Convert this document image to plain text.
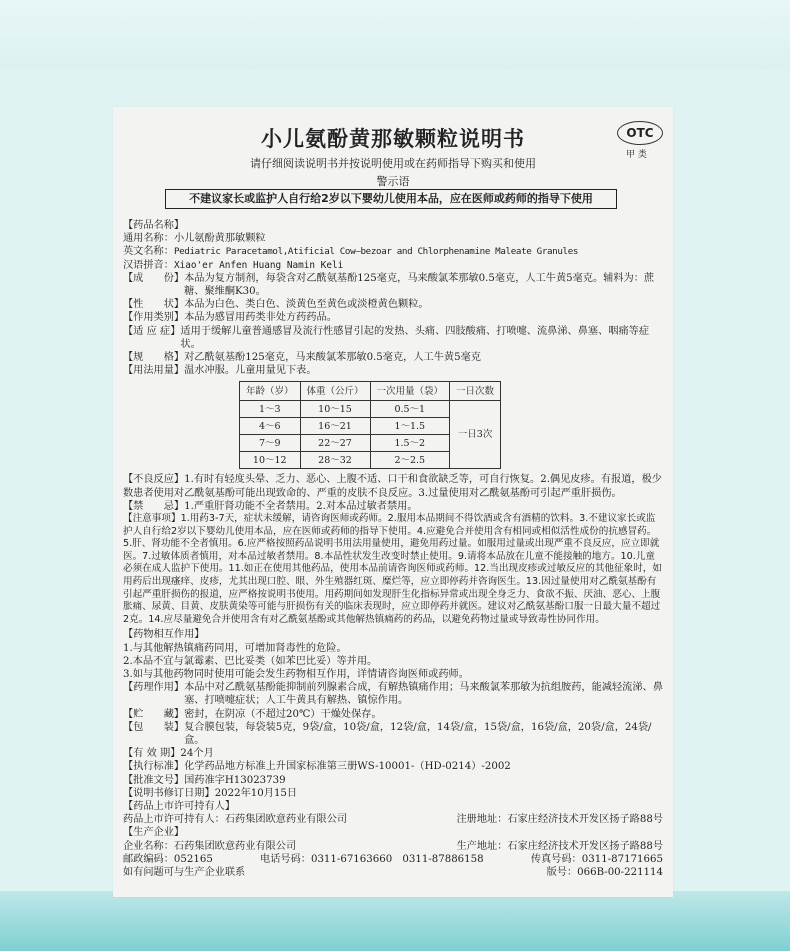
小儿氨酚黄那敏颗粒说明书	OTC
甲 类
请仔细阅读说明书并按说明使用或在药师指导下购买和使用
警示语
不建议家长或监护人自行给2岁以下婴幼儿使用本品，应在医师或药师的指导下使用
【药品名称】
通用名称： 小儿氨酚黄那敏颗粒
英文名称： Pediatric Paracetamol,Atificial Cow—bezoar and Chlorphenamine Maleate Granules
汉语拼音： Xiao'er Anfen Huang Namin Keli
【成　　份】 本品为复方制剂，每袋含对乙酰氨基酚125毫克，马来酸氯苯那敏0.5毫克，人工牛黄5毫克。辅料为：蔗糖、聚维酮K30。
【性　　状】 本品为白色、类白色、淡黄色至黄色或淡橙黄色颗粒。
【作用类别】 本品为感冒用药类非处方药药品。
【适 应 症】 适用于缓解儿童普通感冒及流行性感冒引起的发热、头痛、四肢酸痛、打喷嚏、流鼻涕、鼻塞、咽痛等症状。
【规　　格】 对乙酰氨基酚125毫克，马来酸氯苯那敏0.5毫克，人工牛黄5毫克
【用法用量】 温水冲服。儿童用量见下表。
年龄（岁）	体重（公斤）	一次用量（袋）	一日次数
1～3	10～15	0.5～1	一日3次
4～6	16～21	1～1.5	
7～9	22～27	1.5～2	
10～12	28～32	2～2.5	
【不良反应】1.有时有轻度头晕、乏力、恶心、上腹不适、口干和食欲缺乏等，可自行恢复。2.偶见皮疹。有报道，极少数患者使用对乙酰氨基酚可能出现致命的、严重的皮肤不良反应。3.过量使用对乙酰氨基酚可引起严重肝损伤。
【禁　　忌】1.严重肝肾功能不全者禁用。2.对本品过敏者禁用。
【注意事项】1.用药3-7天，症状未缓解，请咨询医师或药师。2.服用本品期间不得饮酒或含有酒精的饮料。3.不建议家长或监护人自行给2岁以下婴幼儿使用本品，应在医师或药师的指导下使用。4.应避免合并使用含有相同或相似活性成份的抗感冒药。5.肝、肾功能不全者慎用。6.应严格按照药品说明书用法用量使用，避免用药过量。如服用过量或出现严重不良反应，应立即就医。7.过敏体质者慎用，对本品过敏者禁用。8.本品性状发生改变时禁止使用。9.请将本品放在儿童不能接触的地方。10.儿童必须在成人监护下使用。11.如正在使用其他药品，使用本品前请咨询医师或药师。12.当出现皮疹或过敏反应的其他征象时，如用药后出现瘙痒、皮疹，尤其出现口腔、眼、外生殖器红斑、糜烂等，应立即停药并咨询医生。13.因过量使用对乙酰氨基酚有引起严重肝损伤的报道，应严格按说明书使用。用药期间如发现肝生化指标异常或出现全身乏力、食欲不振、厌油、恶心、上腹胀痛、尿黄、目黄、皮肤黄染等可能与肝损伤有关的临床表现时，应立即停药并就医。建议对乙酰氨基酚口服一日最大量不超过2克。14.应尽量避免合并使用含有对乙酰氨基酚或其他解热镇痛药的药品，以避免药物过量或导致毒性协同作用。
【药物相互作用】
1.与其他解热镇痛药同用，可增加肾毒性的危险。
2.本品不宜与氯霉素、巴比妥类（如苯巴比妥）等并用。
3.如与其他药物同时使用可能会发生药物相互作用，详情请咨询医师或药师。
【药理作用】 本品中对乙酰氨基酚能抑制前列腺素合成，有解热镇痛作用；马来酸氯苯那敏为抗组胺药，能减轻流涕、鼻塞、打喷嚏症状；人工牛黄具有解热、镇惊作用。
【贮　　藏】 密封，在阴凉（不超过20℃）干燥处保存。
【包　　装】 复合膜包装，每袋装5克，9袋/盒，10袋/盒，12袋/盒，14袋/盒，15袋/盒，16袋/盒，20袋/盒，24袋/盒。
【有 效 期】 24个月
【执行标准】 化学药品地方标准上升国家标准第三册WS-10001-（HD-0214）-2002
【批准文号】 国药准字H13023739
【说明书修订日期】 2022年10月15日
【药品上市许可持有人】
药品上市许可持有人：石药集团欧意药业有限公司	注册地址：石家庄经济技术开发区扬子路88号
【生产企业】
企业名称：石药集团欧意药业有限公司	生产地址：石家庄经济技术开发区扬子路88号
邮政编码：052165	电话号码：0311-67163660　0311-87886158	传真号码：0311-87171665
如有问题可与生产企业联系	版号：066B-00-221114
